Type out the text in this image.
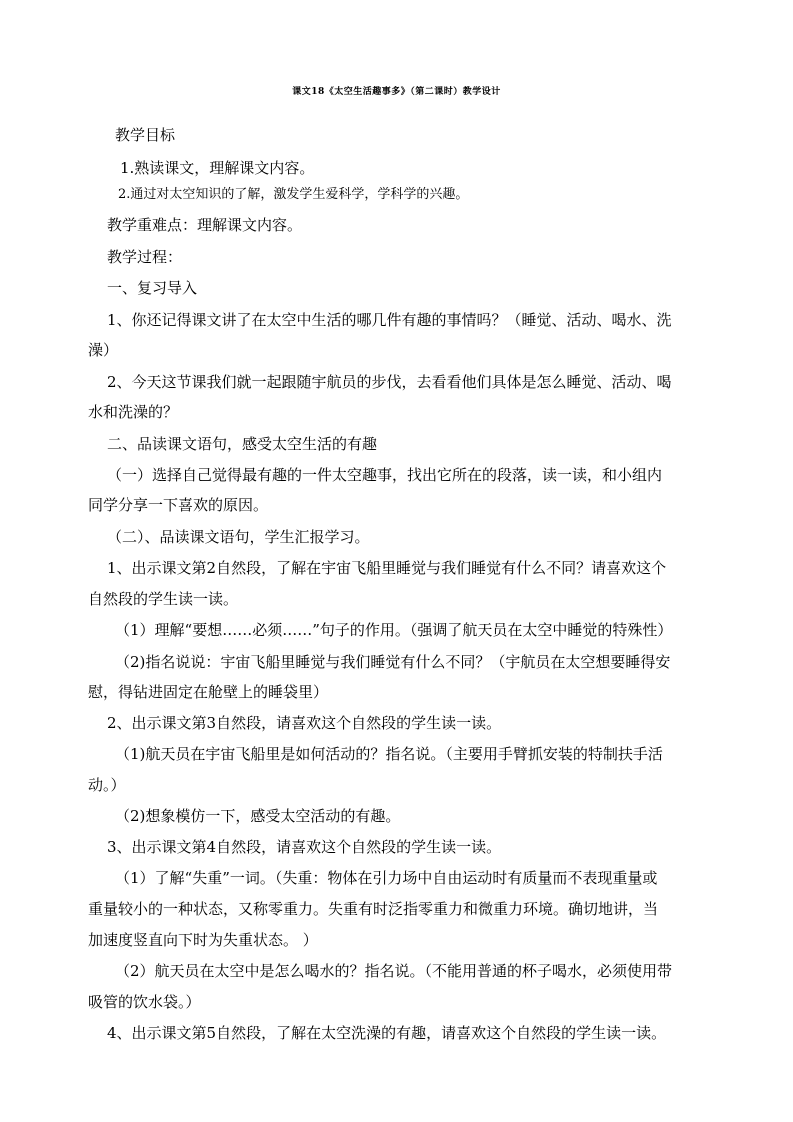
课文18《太空生活趣事多》（第二课时）教学设计
教学目标
1.熟读课文，理解课文内容。
2.通过对太空知识的了解，激发学生爱科学，学科学的兴趣。
教学重难点：理解课文内容。
教学过程：
一、复习导入
1、你还记得课文讲了在太空中生活的哪几件有趣的事情吗？（睡觉、活动、喝水、洗
澡）
2、今天这节课我们就一起跟随宇航员的步伐，去看看他们具体是怎么睡觉、活动、喝
水和洗澡的？
二、品读课文语句，感受太空生活的有趣
（一）选择自己觉得最有趣的一件太空趣事，找出它所在的段落，读一读，和小组内
同学分享一下喜欢的原因。
（二）、品读课文语句，学生汇报学习。
1、出示课文第2自然段，了解在宇宙飞船里睡觉与我们睡觉有什么不同？请喜欢这个
自然段的学生读一读。
（1）理解“要想……必须……”句子的作用。（强调了航天员在太空中睡觉的特殊性）
（2)指名说说：宇宙飞船里睡觉与我们睡觉有什么不同？（宇航员在太空想要睡得安
慰，得钻进固定在舱壁上的睡袋里）
2、出示课文第3自然段，请喜欢这个自然段的学生读一读。
（1)航天员在宇宙飞船里是如何活动的？指名说。（主要用手臂抓安装的特制扶手活
动。）
（2)想象模仿一下，感受太空活动的有趣。
3、出示课文第4自然段，请喜欢这个自然段的学生读一读。
（1）了解“失重”一词。（失重：物体在引力场中自由运动时有质量而不表现重量或
重量较小的一种状态，又称零重力。失重有时泛指零重力和微重力环境。确切地讲，当
加速度竖直向下时为失重状态。 ）
（2）航天员在太空中是怎么喝水的？指名说。（不能用普通的杯子喝水，必须使用带
吸管的饮水袋。）
4、出示课文第5自然段，了解在太空洗澡的有趣，请喜欢这个自然段的学生读一读。
